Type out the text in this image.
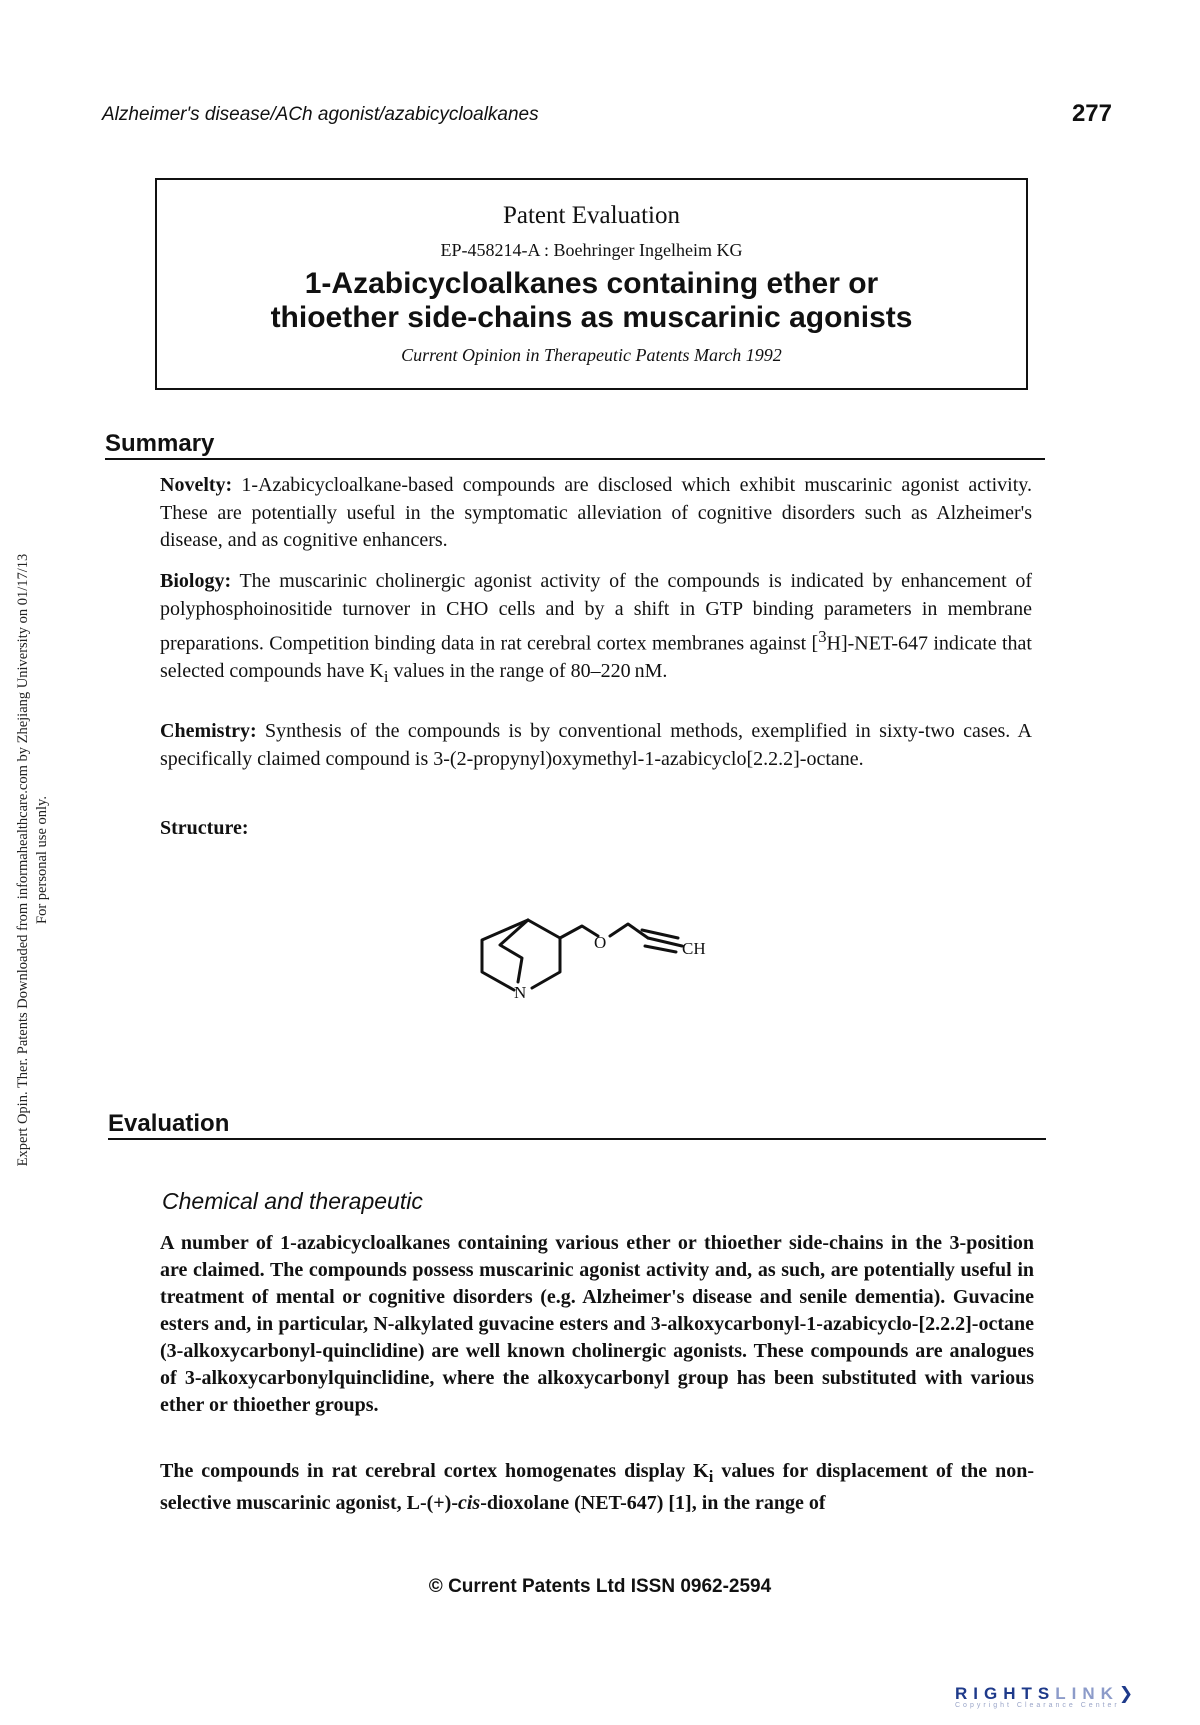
Alzheimer's disease/ACh agonist/azabicycloalkanes	277
Patent Evaluation
EP-458214-A : Boehringer Ingelheim KG
1-Azabicycloalkanes containing ether or
thioether side-chains as muscarinic agonists
Current Opinion in Therapeutic Patents March 1992
Summary
Novelty: 1-Azabicycloalkane-based compounds are disclosed which exhibit muscarinic agonist activity. These are potentially useful in the symptomatic alleviation of cognitive disorders such as Alzheimer's disease, and as cognitive enhancers.
Biology: The muscarinic cholinergic agonist activity of the compounds is indicated by enhancement of polyphosphoinositide turnover in CHO cells and by a shift in GTP binding parameters in membrane preparations. Competition binding data in rat cerebral cortex membranes against [$^3$H]-NET-647 indicate that selected compounds have $K_i$ values in the range of 80–220 nM.
Chemistry: Synthesis of the compounds is by conventional methods, exemplified in sixty-two cases. A specifically claimed compound is 3-(2-propynyl)oxymethyl-1-azabicyclo[2.2.2]-octane.
Structure:
O
N
CH
Evaluation
Chemical and therapeutic
A number of 1-azabicycloalkanes containing various ether or thioether side-chains in the 3-position are claimed. The compounds possess muscarinic agonist activity and, as such, are potentially useful in treatment of mental or cognitive disorders (e.g. Alzheimer's disease and senile dementia). Guvacine esters and, in particular, N-alkylated guvacine esters and 3-alkoxycarbonyl-1-azabicyclo-[2.2.2]-octane (3-alkoxycarbonyl-quinclidine) are well known cholinergic agonists. These compounds are analogues of 3-alkoxycarbonylquinclidine, where the alkoxycarbonyl group has been substituted with various ether or thioether groups.
The compounds in rat cerebral cortex homogenates display $K_i$ values for displacement of the non-selective muscarinic agonist, L-(+)-cis-dioxolane (NET-647) [1], in the range of
© Current Patents Ltd ISSN 0962-2594
Expert Opin. Ther. Patents Downloaded from informahealthcare.com by Zhejiang University on 01/17/13 For personal use only.
RIGHTSLINK❯
Copyright Clearance Center
